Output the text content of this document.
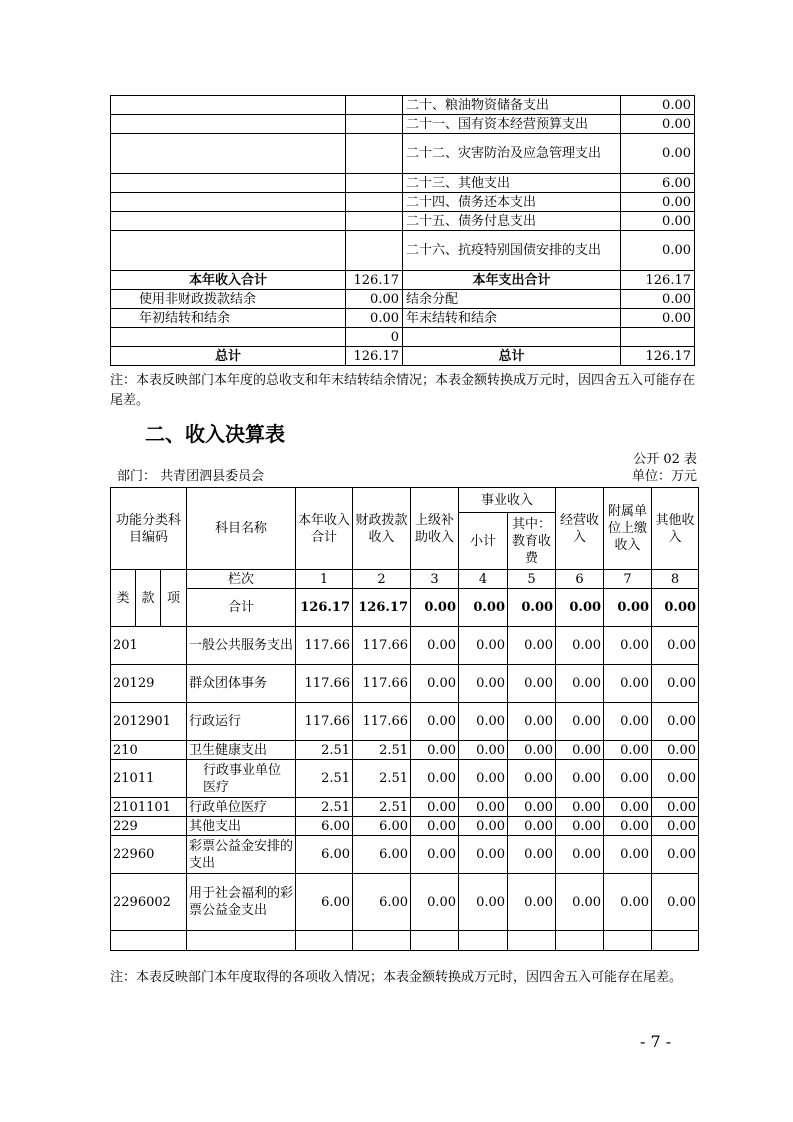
		二十、粮油物资储备支出	0.00
		二十一、国有资本经营预算支出	0.00
		二十二、灾害防治及应急管理支出	0.00
		二十三、其他支出	6.00
		二十四、债务还本支出	0.00
		二十五、债务付息支出	0.00
		二十六、抗疫特别国债安排的支出	0.00
本年收入合计	126.17	本年支出合计	126.17
使用非财政拨款结余	0.00	结余分配	0.00
年初结转和结余	0.00	年末结转和结余	0.00
	0		
总计	126.17	总计	126.17
注：本表反映部门本年度的总收支和年末结转结余情况；本表金额转换成万元时，因四舍五入可能存在尾差。
二、收入决算表
公开 02 表
部门： 共青团泗县委员会	单位：万元
功能分类科目编码			科目名称	本年收入合计	财政拨款收入	上级补助收入	事业收入		经营收入	附属单位上缴收入	其他收入
							小计	其中：教育收费			
类	款	项	栏次	1	2	3	4	5	6	7	8
			合计	126.17	126.17	0.00	0.00	0.00	0.00	0.00	0.00
201			一般公共服务支出	117.66	117.66	0.00	0.00	0.00	0.00	0.00	0.00
20129			群众团体事务	117.66	117.66	0.00	0.00	0.00	0.00	0.00	0.00
2012901			行政运行	117.66	117.66	0.00	0.00	0.00	0.00	0.00	0.00
210			卫生健康支出	2.51	2.51	0.00	0.00	0.00	0.00	0.00	0.00
21011			行政事业单位医疗	2.51	2.51	0.00	0.00	0.00	0.00	0.00	0.00
2101101			行政单位医疗	2.51	2.51	0.00	0.00	0.00	0.00	0.00	0.00
229			其他支出	6.00	6.00	0.00	0.00	0.00	0.00	0.00	0.00
22960			彩票公益金安排的支出	6.00	6.00	0.00	0.00	0.00	0.00	0.00	0.00
2296002			用于社会福利的彩票公益金支出	6.00	6.00	0.00	0.00	0.00	0.00	0.00	0.00

注：本表反映部门本年度取得的各项收入情况；本表金额转换成万元时，因四舍五入可能存在尾差。
- 7 -
